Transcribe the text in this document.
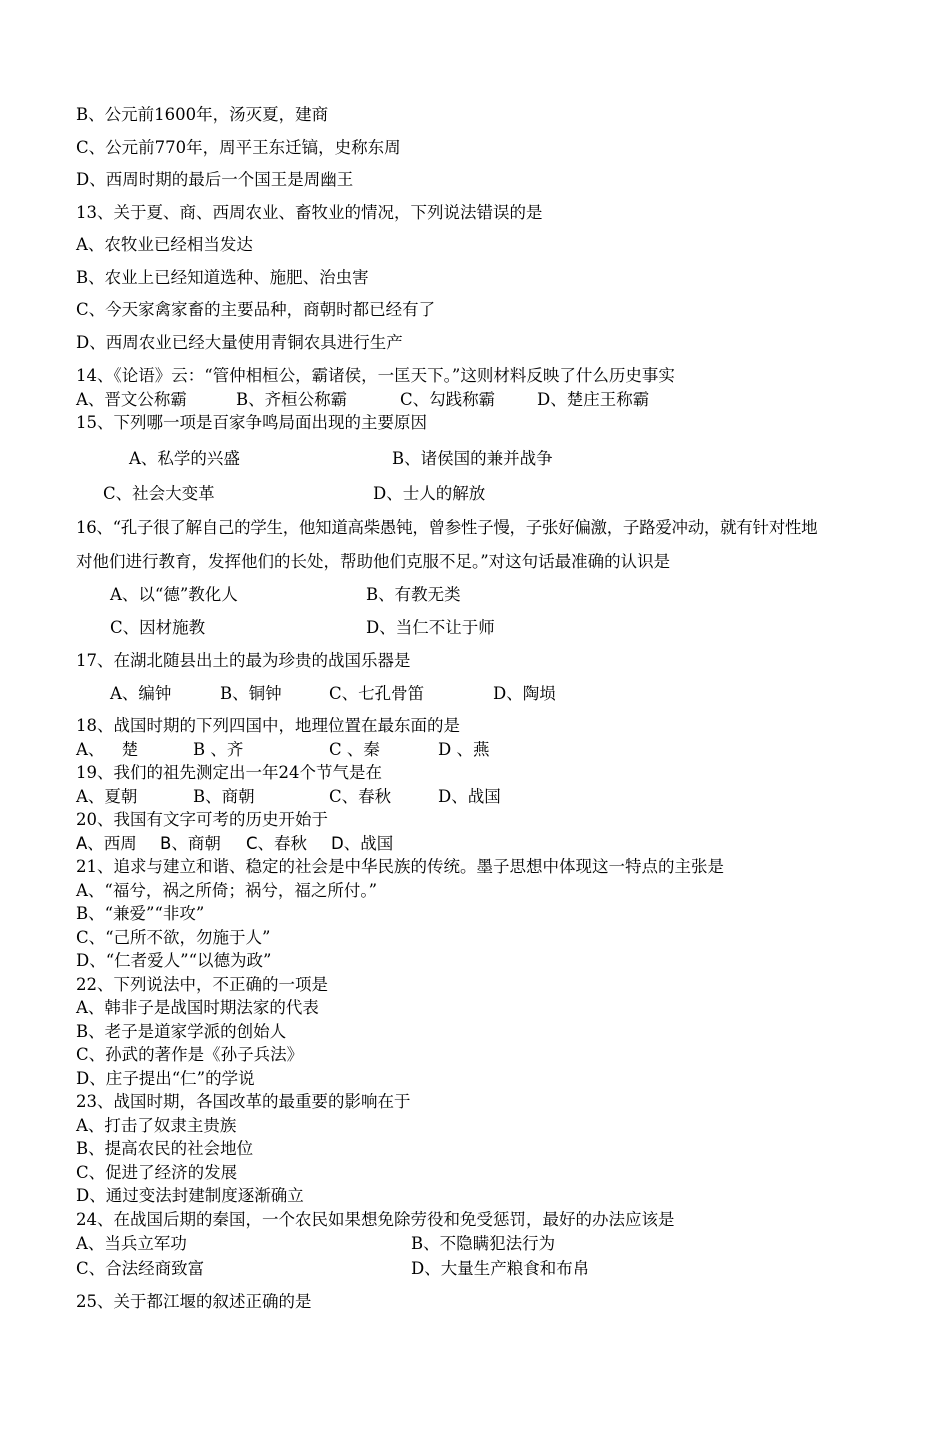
B、公元前1600年，汤灭夏，建商
C、公元前770年，周平王东迁镐，史称东周
D、西周时期的最后一个国王是周幽王
13、关于夏、商、西周农业、畜牧业的情况，下列说法错误的是
A、农牧业已经相当发达
B、农业上已经知道选种、施肥、治虫害
C、今天家禽家畜的主要品种，商朝时都已经有了
D、西周农业已经大量使用青铜农具进行生产
14、《论语》云：“管仲相桓公，霸诸侯，一匡天下。”这则材料反映了什么历史事实
A、晋文公称霸	B、齐桓公称霸	C、勾践称霸	D、楚庄王称霸
15、下列哪一项是百家争鸣局面出现的主要原因
A、私学的兴盛	B、诸侯国的兼并战争
C、社会大变革	D、士人的解放
16、“孔子很了解自己的学生，他知道高柴愚钝，曾参性子慢，子张好偏激，子路爱冲动，就有针对性地
对他们进行教育，发挥他们的长处，帮助他们克服不足。”对这句话最准确的认识是
A、以“德”教化人	B、有教无类
C、因材施教	D、当仁不让于师
17、在湖北随县出土的最为珍贵的战国乐器是
A、编钟	B、铜钟	C、七孔骨笛	D、陶埙
18、战国时期的下列四国中，地理位置在最东面的是
A、 楚	B 、齐	C 、秦	D 、燕
19、我们的祖先测定出一年24个节气是在
A、夏朝	B、商朝	C、春秋	D、战国
20、我国有文字可考的历史开始于
A、西周 B、商朝 C、春秋 D、战国
21、追求与建立和谐、稳定的社会是中华民族的传统。墨子思想中体现这一特点的主张是
A、“福兮，祸之所倚；祸兮，福之所付。”
B、“兼爱”“非攻”
C、“己所不欲，勿施于人”
D、“仁者爱人”“以德为政”
22、下列说法中，不正确的一项是
A、韩非子是战国时期法家的代表
B、老子是道家学派的创始人
C、孙武的著作是《孙子兵法》
D、庄子提出“仁”的学说
23、战国时期，各国改革的最重要的影响在于
A、打击了奴隶主贵族
B、提高农民的社会地位
C、促进了经济的发展
D、通过变法封建制度逐渐确立
24、在战国后期的秦国，一个农民如果想免除劳役和免受惩罚，最好的办法应该是
A、当兵立军功	B、不隐瞒犯法行为
C、合法经商致富	D、大量生产粮食和布帛
25、关于都江堰的叙述正确的是
